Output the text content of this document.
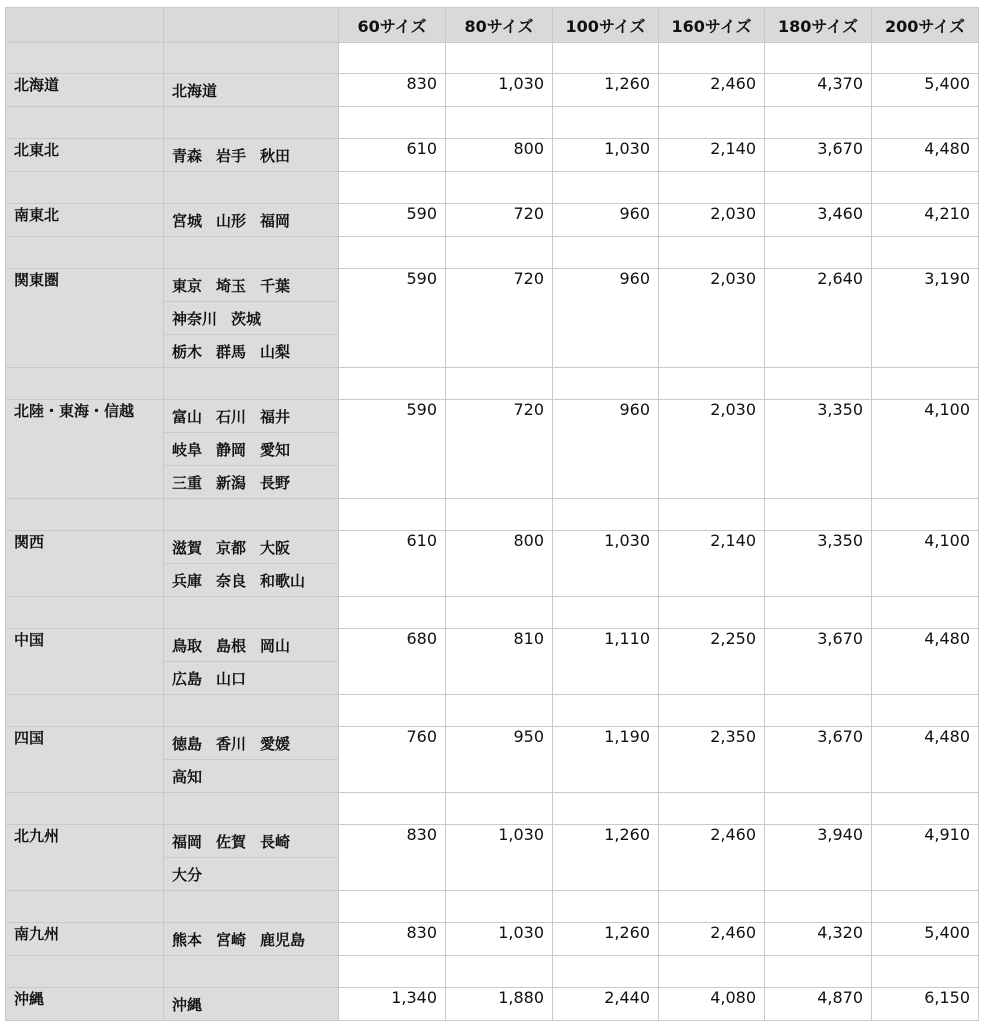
		60サイズ	80サイズ	100サイズ	160サイズ	180サイズ	200サイズ

北海道	北海道	830	1,030	1,260	2,460	4,370	5,400

北東北	青森 岩手 秋田	610	800	1,030	2,140	3,670	4,480

南東北	宮城 山形 福岡	590	720	960	2,030	3,460	4,210

関東圏	東京 埼玉 千葉	590	720	960	2,030	2,640	3,190
	神奈川 茨城						
	栃木 群馬 山梨						

北陸・東海・信越	富山 石川 福井	590	720	960	2,030	3,350	4,100
	岐阜 静岡 愛知						
	三重 新潟 長野						

関西	滋賀 京都 大阪	610	800	1,030	2,140	3,350	4,100
	兵庫 奈良 和歌山						

中国	鳥取 島根 岡山	680	810	1,110	2,250	3,670	4,480
	広島 山口						

四国	徳島 香川 愛媛	760	950	1,190	2,350	3,670	4,480
	高知						

北九州	福岡 佐賀 長崎	830	1,030	1,260	2,460	3,940	4,910
	大分						

南九州	熊本 宮崎 鹿児島	830	1,030	1,260	2,460	4,320	5,400

沖縄	沖縄	1,340	1,880	2,440	4,080	4,870	6,150
